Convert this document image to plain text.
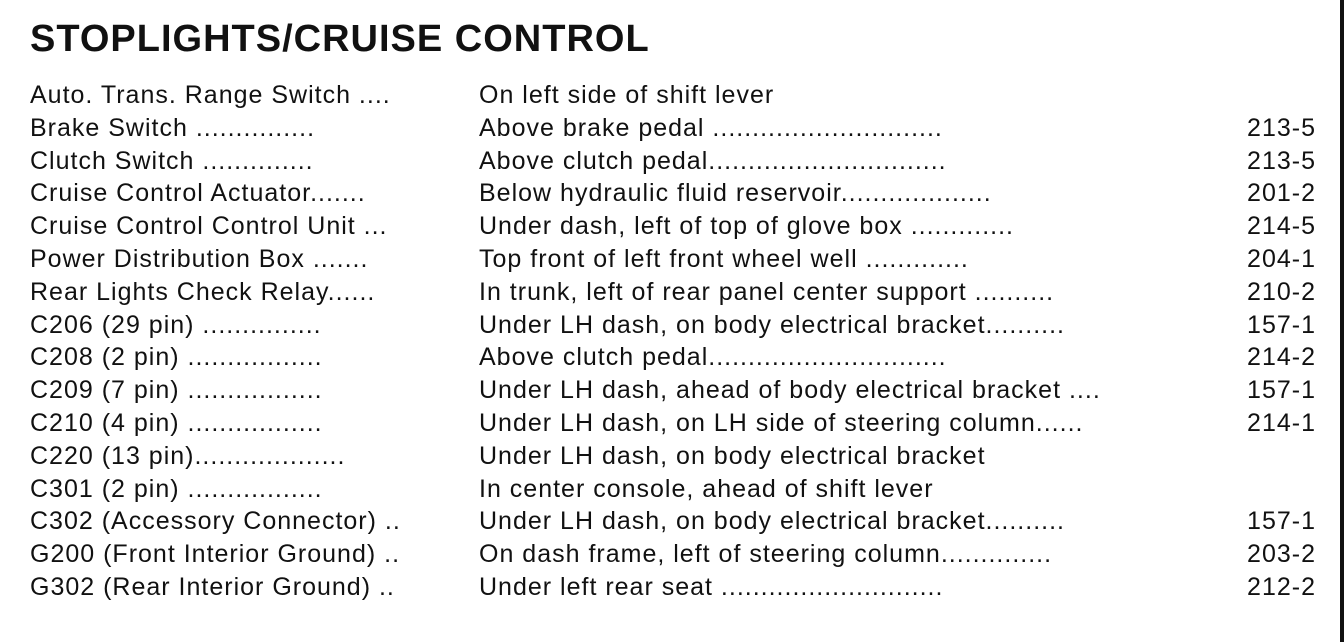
STOPLIGHTS/CRUISE CONTROL
Auto. Trans. Range Switch ....	On left side of shift lever
Brake Switch ...............	Above brake pedal .............................	213-5
Clutch Switch ..............	Above clutch pedal..............................	213-5
Cruise Control Actuator.......	Below hydraulic fluid reservoir...................	201-2
Cruise Control Control Unit ...	Under dash, left of top of glove box .............	214-5
Power Distribution Box .......	Top front of left front wheel well .............	204-1
Rear Lights Check Relay......	In trunk, left of rear panel center support ..........	210-2
C206 (29 pin) ...............	Under LH dash, on body electrical bracket..........	157-1
C208 (2 pin) .................	Above clutch pedal..............................	214-2
C209 (7 pin) .................	Under LH dash, ahead of body electrical bracket ....	157-1
C210 (4 pin) .................	Under LH dash, on LH side of steering column......	214-1
C220 (13 pin)...................	Under LH dash, on body electrical bracket
C301 (2 pin) .................	In center console, ahead of shift lever
C302 (Accessory Connector) ..	Under LH dash, on body electrical bracket..........	157-1
G200 (Front Interior Ground) ..	On dash frame, left of steering column..............	203-2
G302 (Rear Interior Ground) ..	Under left rear seat ............................	212-2
